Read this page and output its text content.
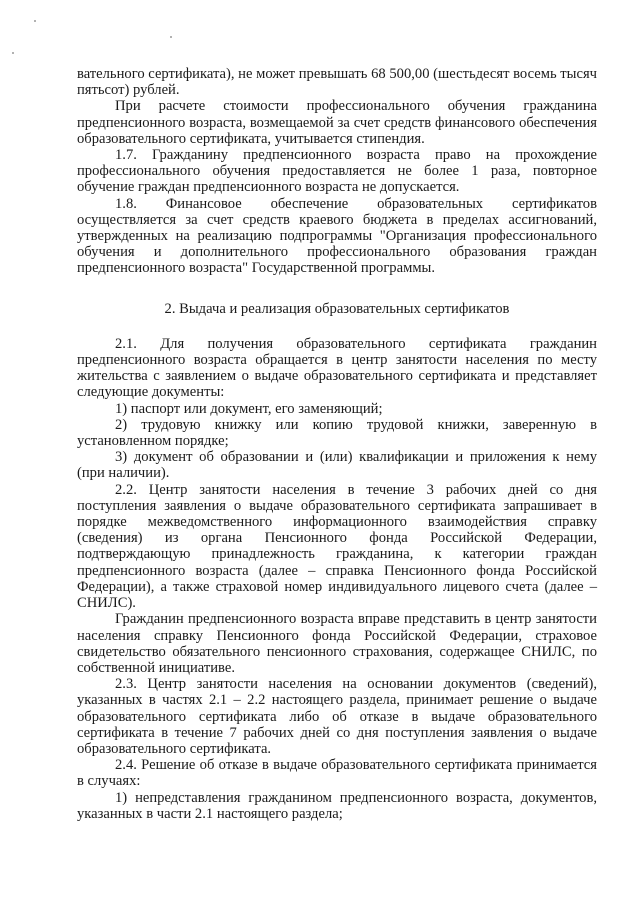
вательного сертификата), не может превышать 68 500,00 (шестьдесят восемь тысяч пятьсот) рублей.

При расчете стоимости профессионального обучения гражданина предпенсионного возраста, возмещаемой за счет средств финансового обеспечения образовательного сертификата, учитывается стипендия.

1.7. Гражданину предпенсионного возраста право на прохождение профессионального обучения предоставляется не более 1 раза, повторное обучение граждан предпенсионного возраста не допускается.

1.8. Финансовое обеспечение образовательных сертификатов осуществляется за счет средств краевого бюджета в пределах ассигнований, утвержденных на реализацию подпрограммы "Организация профессионального обучения и дополнительного профессионального образования граждан предпенсионного возраста" Государственной программы.

2. Выдача и реализация образовательных сертификатов

2.1. Для получения образовательного сертификата гражданин предпенсионного возраста обращается в центр занятости населения по месту жительства с заявлением о выдаче образовательного сертификата и представляет следующие документы:

1) паспорт или документ, его заменяющий;

2) трудовую книжку или копию трудовой книжки, заверенную в установленном порядке;

3) документ об образовании и (или) квалификации и приложения к нему (при наличии).

2.2. Центр занятости населения в течение 3 рабочих дней со дня поступления заявления о выдаче образовательного сертификата запрашивает в порядке межведомственного информационного взаимодействия справку (сведения) из органа Пенсионного фонда Российской Федерации, подтверждающую принадлежность гражданина, к категории граждан предпенсионного возраста (далее – справка Пенсионного фонда Российской Федерации), а также страховой номер индивидуального лицевого счета (далее – СНИЛС).

Гражданин предпенсионного возраста вправе представить в центр занятости населения справку Пенсионного фонда Российской Федерации, страховое свидетельство обязательного пенсионного страхования, содержащее СНИЛС, по собственной инициативе.

2.3. Центр занятости населения на основании документов (сведений), указанных в частях 2.1 – 2.2 настоящего раздела, принимает решение о выдаче образовательного сертификата либо об отказе в выдаче образовательного сертификата в течение 7 рабочих дней со дня поступления заявления о выдаче образовательного сертификата.

2.4. Решение об отказе в выдаче образовательного сертификата принимается в случаях:

1) непредставления гражданином предпенсионного возраста, документов, указанных в части 2.1 настоящего раздела;
